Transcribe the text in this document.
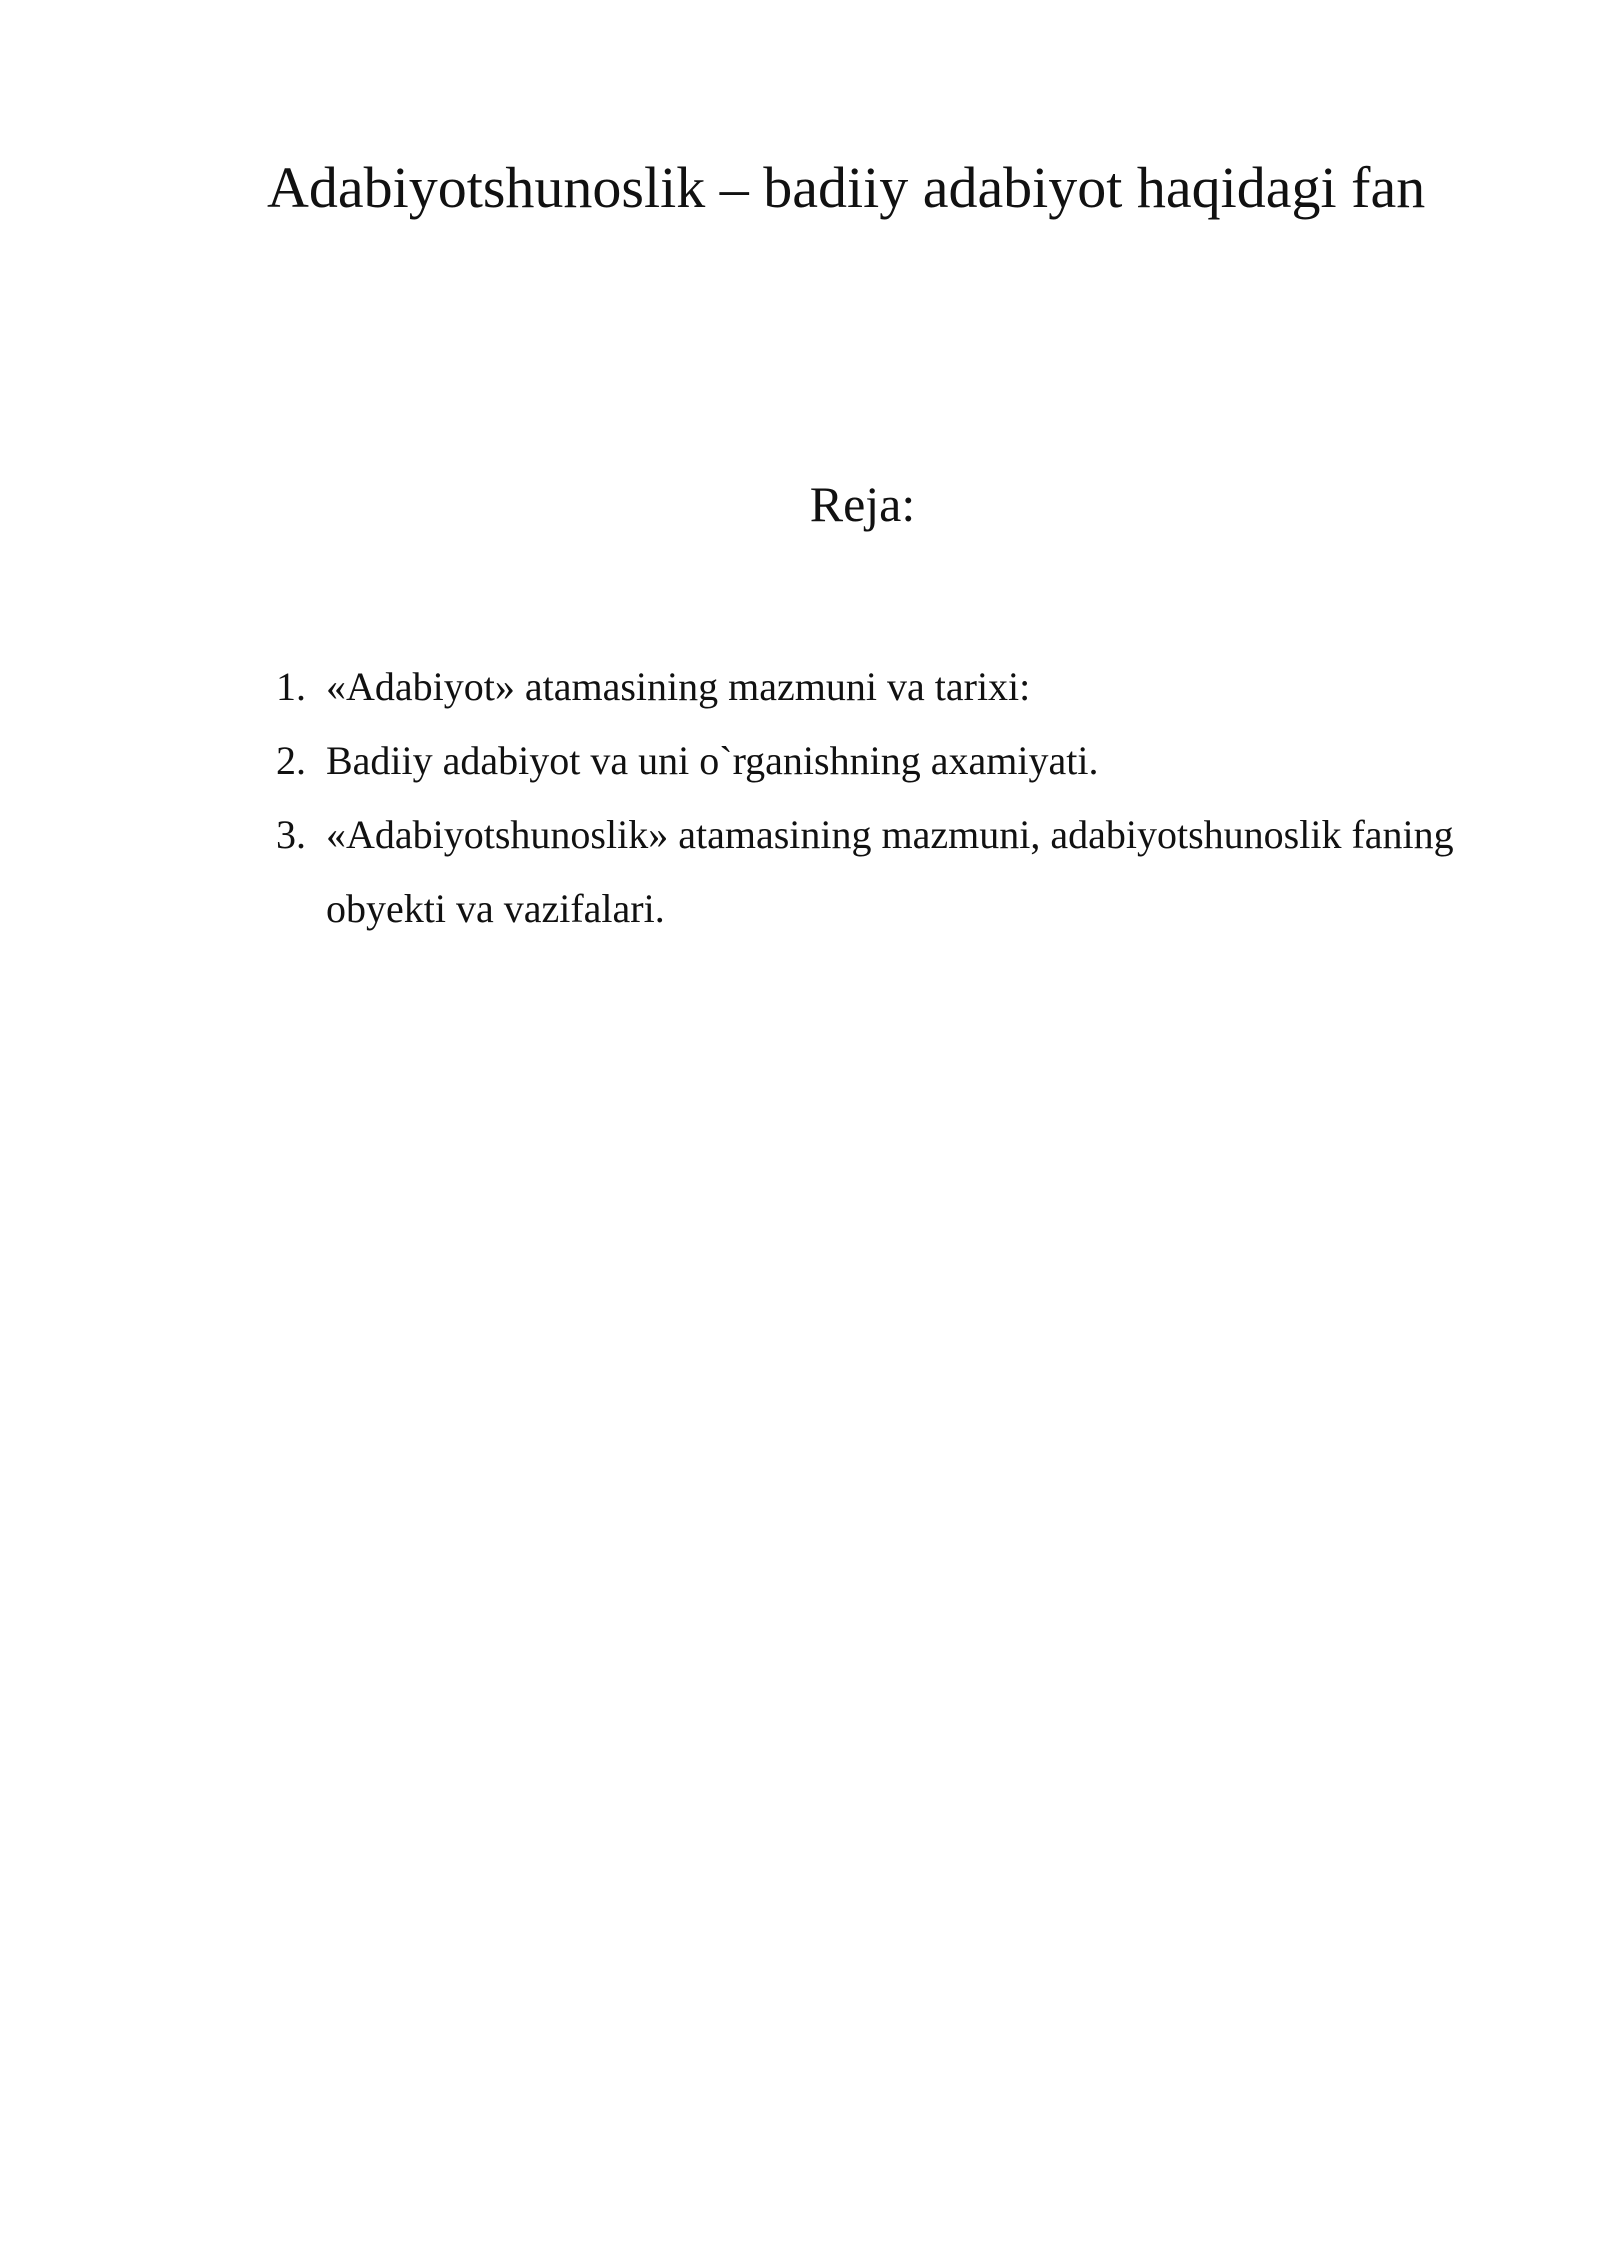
Adabiyotshunoslik – badiiy adabiyot haqidagi fan
Reja:
1. «Adabiyot» atamasining mazmuni va tarixi:
2. Badiiy adabiyot va uni o`rganishning axamiyati.
3. «Adabiyotshunoslik» atamasining mazmuni, adabiyotshunoslik faning obyekti va vazifalari.
